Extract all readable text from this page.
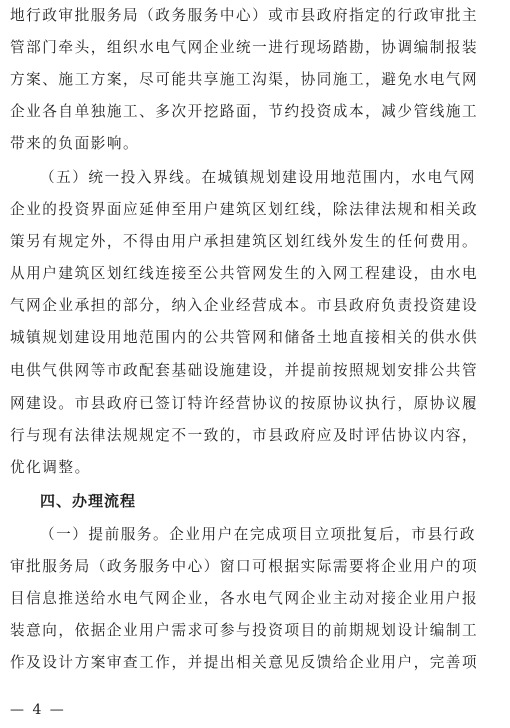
地行政审批服务局（政务服务中心）或市县政府指定的行政审批主
管部门牵头，组织水电气网企业统一进行现场踏勘，协调编制报装
方案、施工方案，尽可能共享施工沟渠，协同施工，避免水电气网
企业各自单独施工、多次开挖路面，节约投资成本，减少管线施工
带来的负面影响。
（五）统一投入界线。在城镇规划建设用地范围内，水电气网
企业的投资界面应延伸至用户建筑区划红线，除法律法规和相关政
策另有规定外，不得由用户承担建筑区划红线外发生的任何费用。
从用户建筑区划红线连接至公共管网发生的入网工程建设，由水电
气网企业承担的部分，纳入企业经营成本。市县政府负责投资建设
城镇规划建设用地范围内的公共管网和储备土地直接相关的供水供
电供气供网等市政配套基础设施建设，并提前按照规划安排公共管
网建设。市县政府已签订特许经营协议的按原协议执行，原协议履
行与现有法律法规规定不一致的，市县政府应及时评估协议内容，
优化调整。
四、办理流程
（一）提前服务。企业用户在完成项目立项批复后，市县行政
审批服务局（政务服务中心）窗口可根据实际需要将企业用户的项
目信息推送给水电气网企业，各水电气网企业主动对接企业用户报
装意向，依据企业用户需求可参与投资项目的前期规划设计编制工
作及设计方案审查工作，并提出相关意见反馈给企业用户，完善项
— 4 —
